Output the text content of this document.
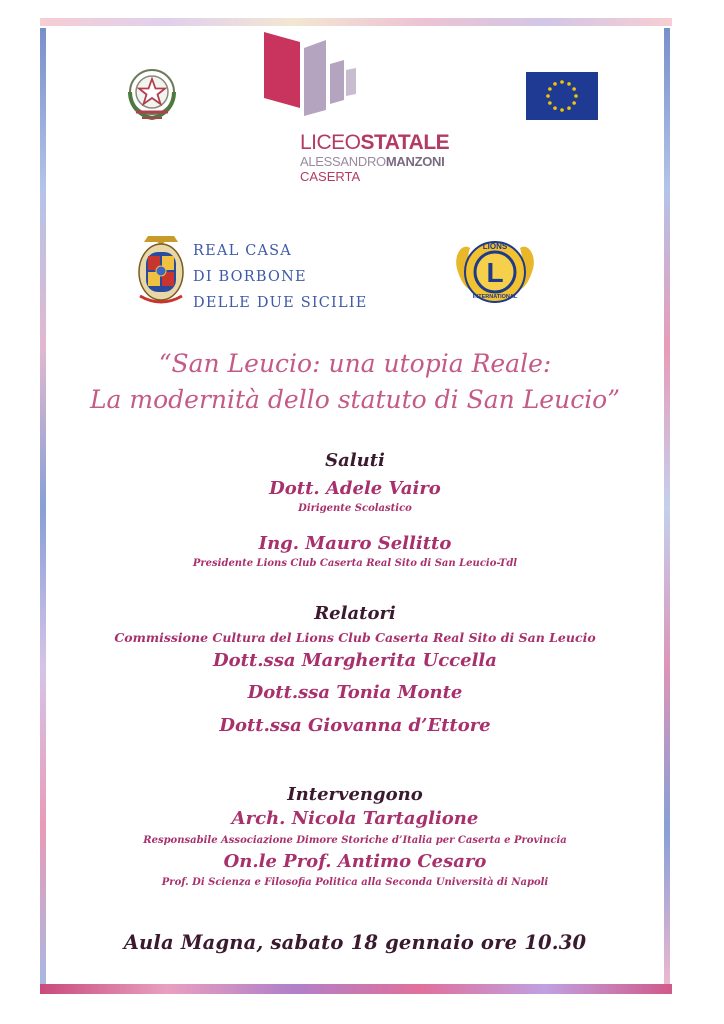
LICEOSTATALE
ALESSANDROMANZONI
CASERTA
REAL CASA
DI BORBONE
DELLE DUE SICILIE
LIONS
L
INTERNATIONAL
“San Leucio: una utopia Reale:
La modernità dello statuto di San Leucio”
Saluti
Dott. Adele Vairo
Dirigente Scolastico
Ing. Mauro Sellitto
Presidente Lions Club Caserta Real Sito di San Leucio-Tdl
Relatori
Commissione Cultura del Lions Club Caserta Real Sito di San Leucio
Dott.ssa Margherita Uccella
Dott.ssa Tonia Monte
Dott.ssa Giovanna d’Ettore
Intervengono
Arch. Nicola Tartaglione
Responsabile Associazione Dimore Storiche d’Italia per Caserta e Provincia
On.le Prof. Antimo Cesaro
Prof. Di Scienza e Filosofia Politica alla Seconda Università di Napoli
Aula Magna, sabato 18 gennaio ore 10.30
